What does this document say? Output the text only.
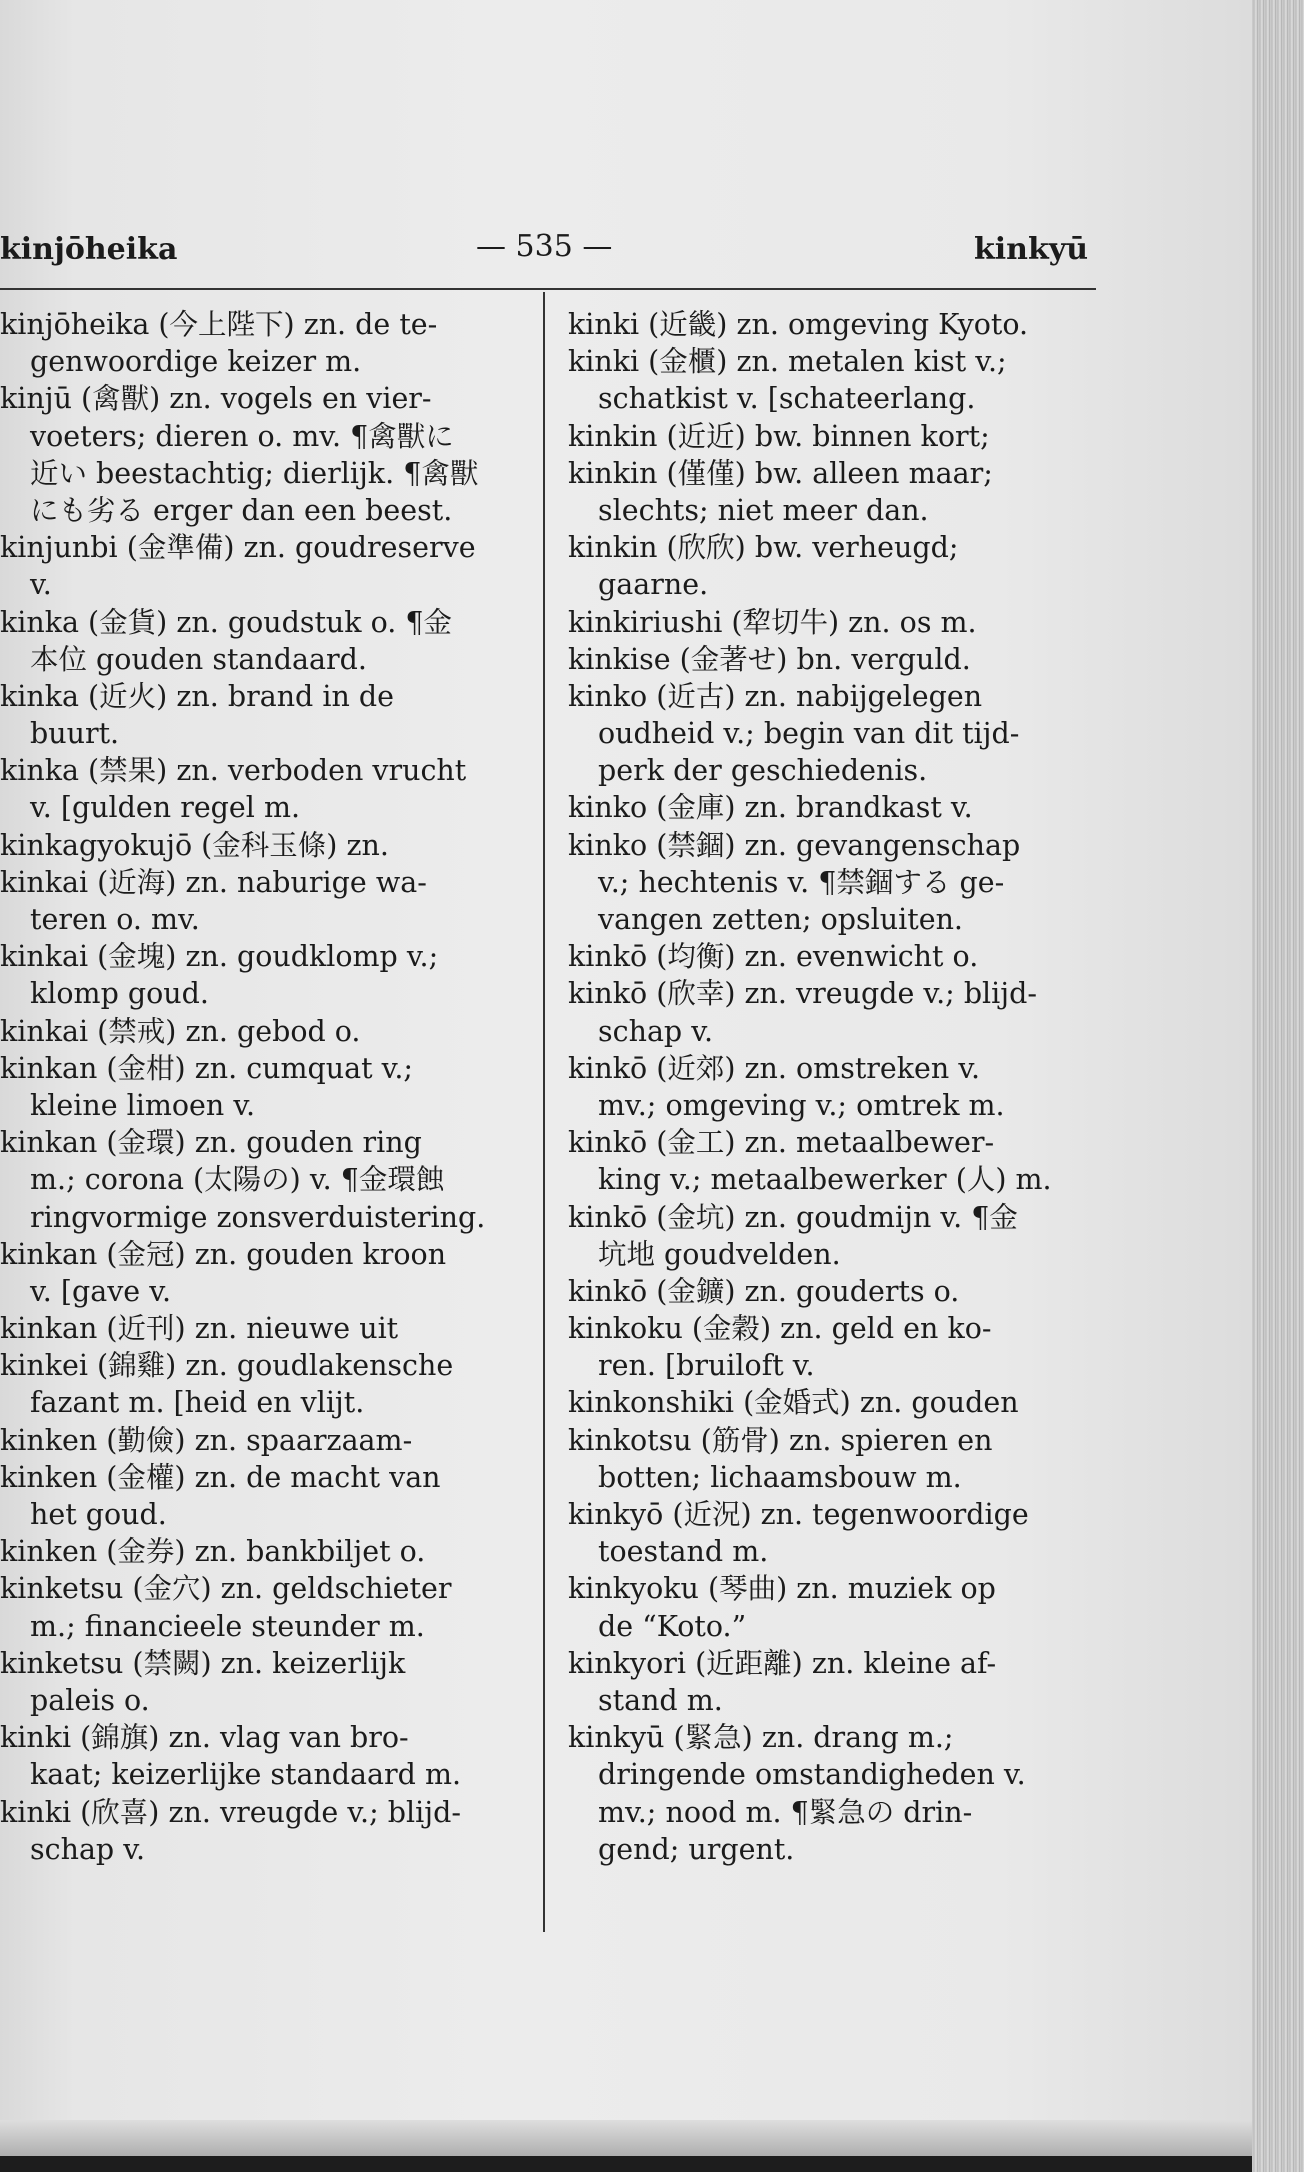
kinjōheika	— 535 —	kinkyū
kinjōheika (今上陛下) zn. de te-
genwoordige keizer m.
kinjū (禽獸) zn. vogels en vier-
voeters; dieren o. mv. ¶禽獸に
近い beestachtig; dierlijk. ¶禽獸
にも劣る erger dan een beest.
kinjunbi (金準備) zn. goudreserve
v.
kinka (金貨) zn. goudstuk o. ¶金
本位 gouden standaard.
kinka (近火) zn. brand in de
buurt.
kinka (禁果) zn. verboden vrucht
v. [gulden regel m.
kinkagyokujō (金科玉條) zn.
kinkai (近海) zn. naburige wa-
teren o. mv.
kinkai (金塊) zn. goudklomp v.;
klomp goud.
kinkai (禁戒) zn. gebod o.
kinkan (金柑) zn. cumquat v.;
kleine limoen v.
kinkan (金環) zn. gouden ring
m.; corona (太陽の) v. ¶金環蝕
ringvormige zonsverduistering.
kinkan (金冠) zn. gouden kroon
v. [gave v.
kinkan (近刊) zn. nieuwe uit
kinkei (錦雞) zn. goudlakensche
fazant m. [heid en vlijt.
kinken (勤儉) zn. spaarzaam-
kinken (金權) zn. de macht van
het goud.
kinken (金券) zn. bankbiljet o.
kinketsu (金穴) zn. geldschieter
m.; financieele steunder m.
kinketsu (禁闕) zn. keizerlijk
paleis o.
kinki (錦旗) zn. vlag van bro-
kaat; keizerlijke standaard m.
kinki (欣喜) zn. vreugde v.; blijd-
schap v.
kinki (近畿) zn. omgeving Kyoto.
kinki (金櫃) zn. metalen kist v.;
schatkist v. [schateerlang.
kinkin (近近) bw. binnen kort;
kinkin (僅僅) bw. alleen maar;
slechts; niet meer dan.
kinkin (欣欣) bw. verheugd;
gaarne.
kinkiriushi (犂切牛) zn. os m.
kinkise (金著せ) bn. verguld.
kinko (近古) zn. nabijgelegen
oudheid v.; begin van dit tijd-
perk der geschiedenis.
kinko (金庫) zn. brandkast v.
kinko (禁錮) zn. gevangenschap
v.; hechtenis v. ¶禁錮する ge-
vangen zetten; opsluiten.
kinkō (均衡) zn. evenwicht o.
kinkō (欣幸) zn. vreugde v.; blijd-
schap v.
kinkō (近郊) zn. omstreken v.
mv.; omgeving v.; omtrek m.
kinkō (金工) zn. metaalbewer-
king v.; metaalbewerker (人) m.
kinkō (金坑) zn. goudmijn v. ¶金
坑地 goudvelden.
kinkō (金鑛) zn. gouderts o.
kinkoku (金穀) zn. geld en ko-
ren. [bruiloft v.
kinkonshiki (金婚式) zn. gouden
kinkotsu (筋骨) zn. spieren en
botten; lichaamsbouw m.
kinkyō (近況) zn. tegenwoordige
toestand m.
kinkyoku (琴曲) zn. muziek op
de “Koto.”
kinkyori (近距離) zn. kleine af-
stand m.
kinkyū (緊急) zn. drang m.;
dringende omstandigheden v.
mv.; nood m. ¶緊急の drin-
gend; urgent.
